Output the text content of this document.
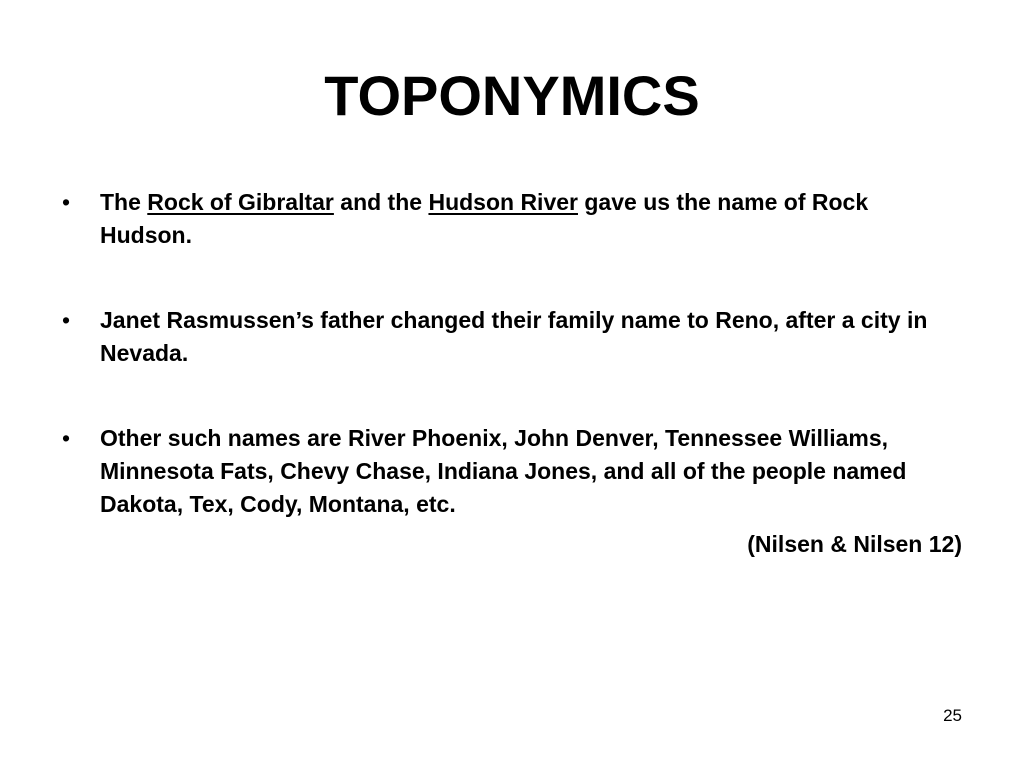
TOPONYMICS
• The Rock of Gibraltar and the Hudson River gave us the name of Rock Hudson.
• Janet Rasmussen’s father changed their family name to Reno, after a city in Nevada.
• Other such names are River Phoenix, John Denver, Tennessee Williams, Minnesota Fats, Chevy Chase, Indiana Jones, and all of the people named Dakota, Tex, Cody, Montana, etc.
(Nilsen & Nilsen 12)
25
